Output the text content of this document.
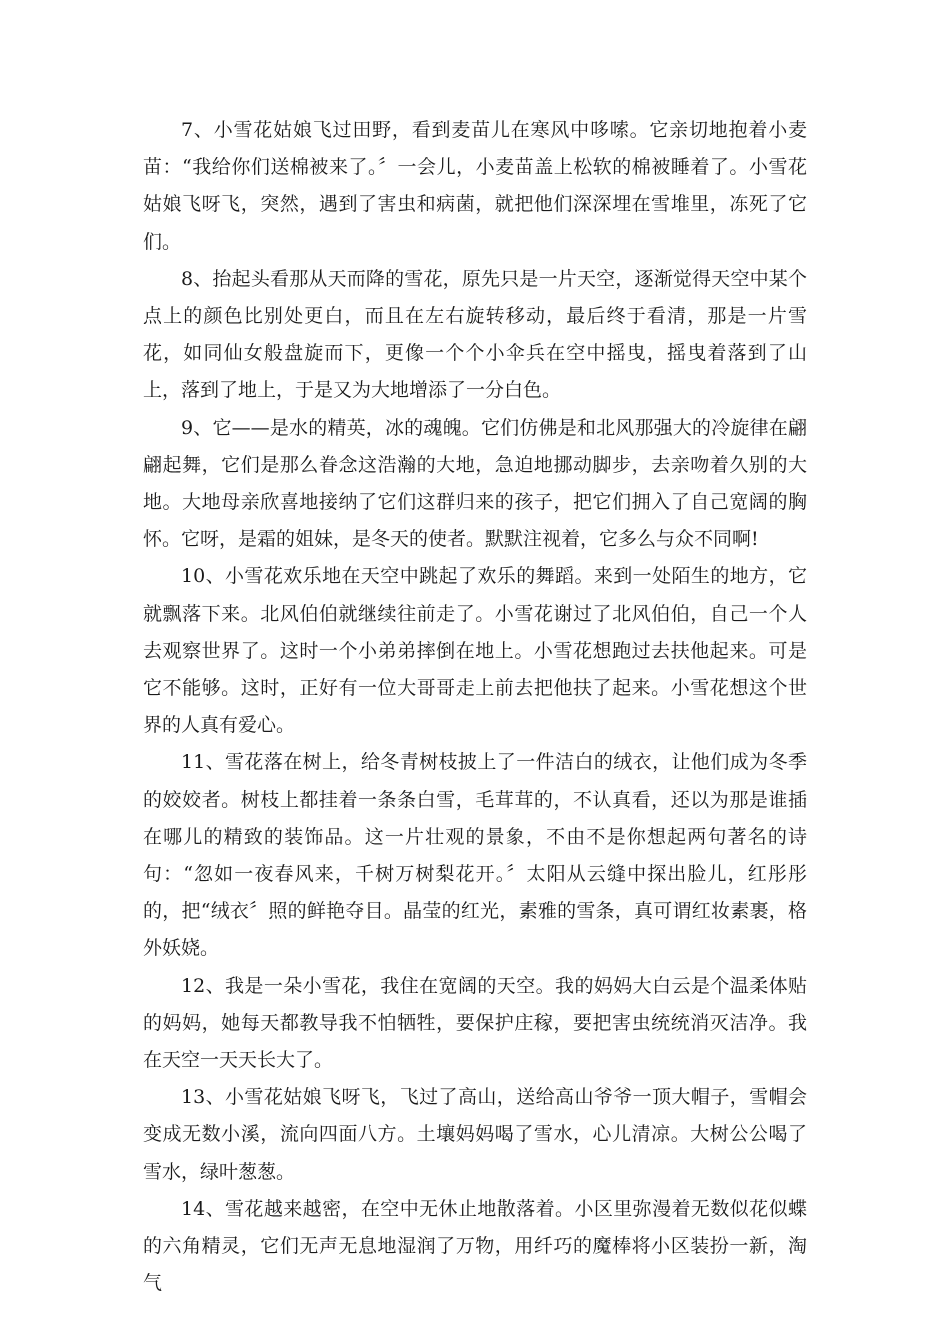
7、小雪花姑娘飞过田野，看到麦苗儿在寒风中哆嗦。它亲切地抱着小麦苗：“我给你们送棉被来了。〞一会儿，小麦苗盖上松软的棉被睡着了。小雪花姑娘飞呀飞，突然，遇到了害虫和病菌，就把他们深深埋在雪堆里，冻死了它们。

8、抬起头看那从天而降的雪花，原先只是一片天空，逐渐觉得天空中某个点上的颜色比别处更白，而且在左右旋转移动，最后终于看清，那是一片雪花，如同仙女般盘旋而下，更像一个个小伞兵在空中摇曳，摇曳着落到了山上，落到了地上，于是又为大地增添了一分白色。

9、它——是水的精英，冰的魂魄。它们仿佛是和北风那强大的冷旋律在翩翩起舞，它们是那么眷念这浩瀚的大地，急迫地挪动脚步，去亲吻着久别的大地。大地母亲欣喜地接纳了它们这群归来的孩子，把它们拥入了自己宽阔的胸怀。它呀，是霜的姐妹，是冬天的使者。默默注视着，它多么与众不同啊!

10、小雪花欢乐地在天空中跳起了欢乐的舞蹈。来到一处陌生的地方，它就飘落下来。北风伯伯就继续往前走了。小雪花谢过了北风伯伯，自己一个人去观察世界了。这时一个小弟弟摔倒在地上。小雪花想跑过去扶他起来。可是它不能够。这时，正好有一位大哥哥走上前去把他扶了起来。小雪花想这个世界的人真有爱心。

11、雪花落在树上，给冬青树枝披上了一件洁白的绒衣，让他们成为冬季的姣姣者。树枝上都挂着一条条白雪，毛茸茸的，不认真看，还以为那是谁插在哪儿的精致的装饰品。这一片壮观的景象，不由不是你想起两句著名的诗句：“忽如一夜春风来，千树万树梨花开。〞太阳从云缝中探出脸儿，红彤彤的，把“绒衣〞照的鲜艳夺目。晶莹的红光，素雅的雪条，真可谓红妆素裹，格外妖娆。

12、我是一朵小雪花，我住在宽阔的天空。我的妈妈大白云是个温柔体贴的妈妈，她每天都教导我不怕牺牲，要保护庄稼，要把害虫统统消灭洁净。我在天空一天天长大了。

13、小雪花姑娘飞呀飞，飞过了高山，送给高山爷爷一顶大帽子，雪帽会变成无数小溪，流向四面八方。土壤妈妈喝了雪水，心儿清凉。大树公公喝了雪水，绿叶葱葱。

14、雪花越来越密，在空中无休止地散落着。小区里弥漫着无数似花似蝶的六角精灵，它们无声无息地湿润了万物，用纤巧的魔棒将小区装扮一新，淘气
